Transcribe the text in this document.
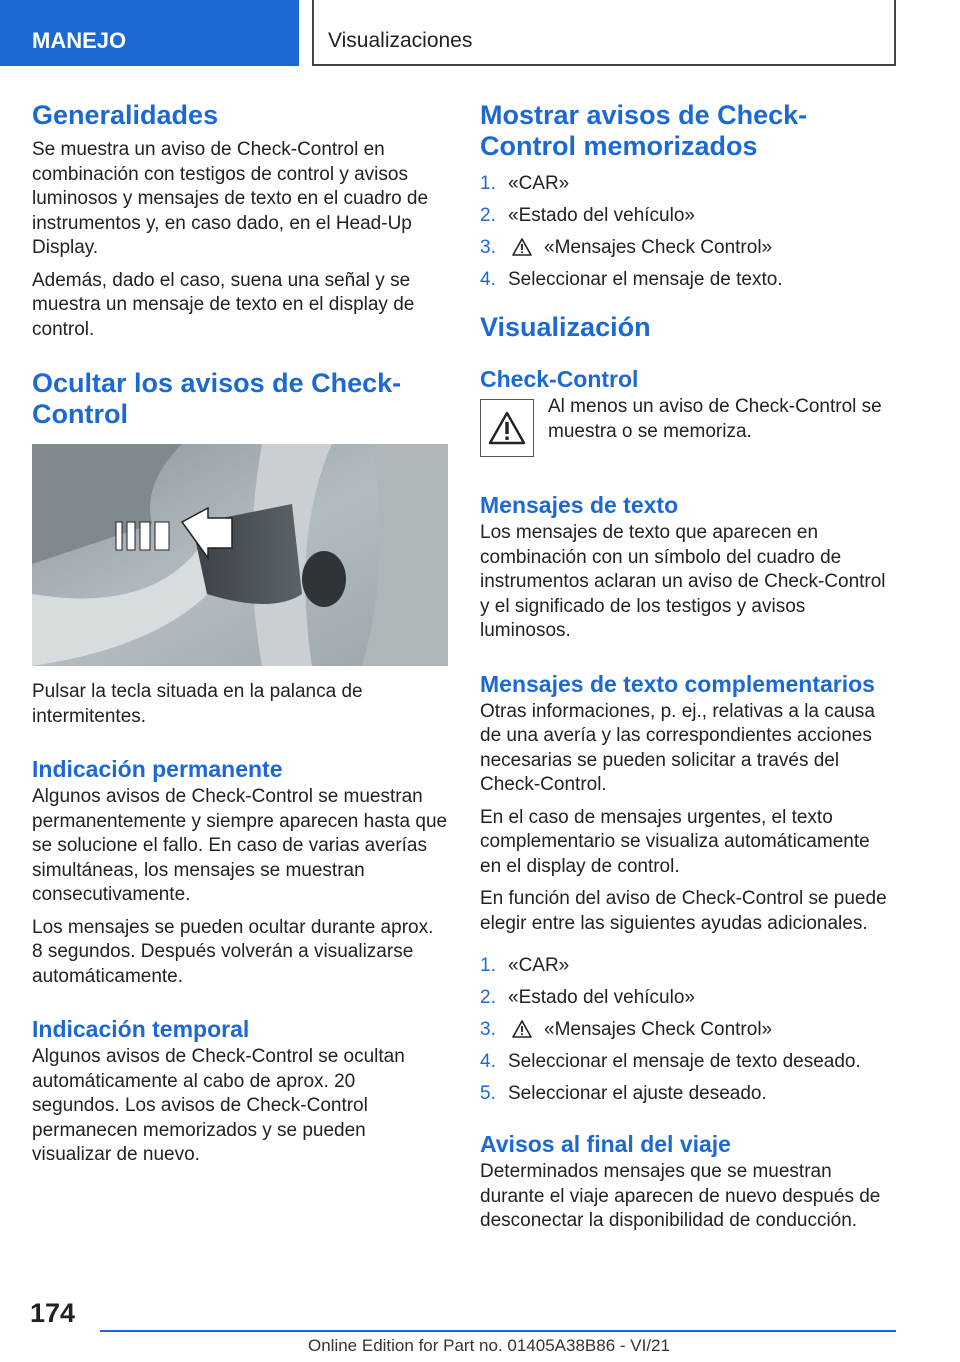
MANEJO	Visualizaciones
Generalidades

Se muestra un aviso de Check-Control en combinación con testigos de control y avisos luminosos y mensajes de texto en el cuadro de instrumentos y, en caso dado, en el Head-Up Display.

Además, dado el caso, suena una señal y se muestra un mensaje de texto en el display de control.

Ocultar los avisos de Check-Control

Pulsar la tecla situada en la palanca de intermitentes.

Indicación permanente

Algunos avisos de Check-Control se muestran permanentemente y siempre aparecen hasta que se solucione el fallo. En caso de varias averías simultáneas, los mensajes se muestran consecutivamente.

Los mensajes se pueden ocultar durante aprox. 8 segundos. Después volverán a visualizarse automáticamente.

Indicación temporal

Algunos avisos de Check-Control se ocultan automáticamente al cabo de aprox. 20 segundos. Los avisos de Check-Control permanecen memorizados y se pueden visualizar de nuevo.

Mostrar avisos de Check-Control memorizados
1. «CAR»
2. «Estado del vehículo»
3.	«Mensajes Check Control»
4. Seleccionar el mensaje de texto.
Visualización
Check-Control

Al menos un aviso de Check-Control se muestra o se memoriza.

Mensajes de texto

Los mensajes de texto que aparecen en combinación con un símbolo del cuadro de instrumentos aclaran un aviso de Check-Control y el significado de los testigos y avisos luminosos.

Mensajes de texto complementarios

Otras informaciones, p. ej., relativas a la causa de una avería y las correspondientes acciones necesarias se pueden solicitar a través del Check-Control.

En el caso de mensajes urgentes, el texto complementario se visualiza automáticamente en el display de control.

En función del aviso de Check-Control se puede elegir entre las siguientes ayudas adicionales.

1. «CAR»
2. «Estado del vehículo»
3.	«Mensajes Check Control»
4. Seleccionar el mensaje de texto deseado.
5. Seleccionar el ajuste deseado.
Avisos al final del viaje

Determinados mensajes que se muestran durante el viaje aparecen de nuevo después de desconectar la disponibilidad de conducción.

174
Online Edition for Part no. 01405A38B86 - VI/21
